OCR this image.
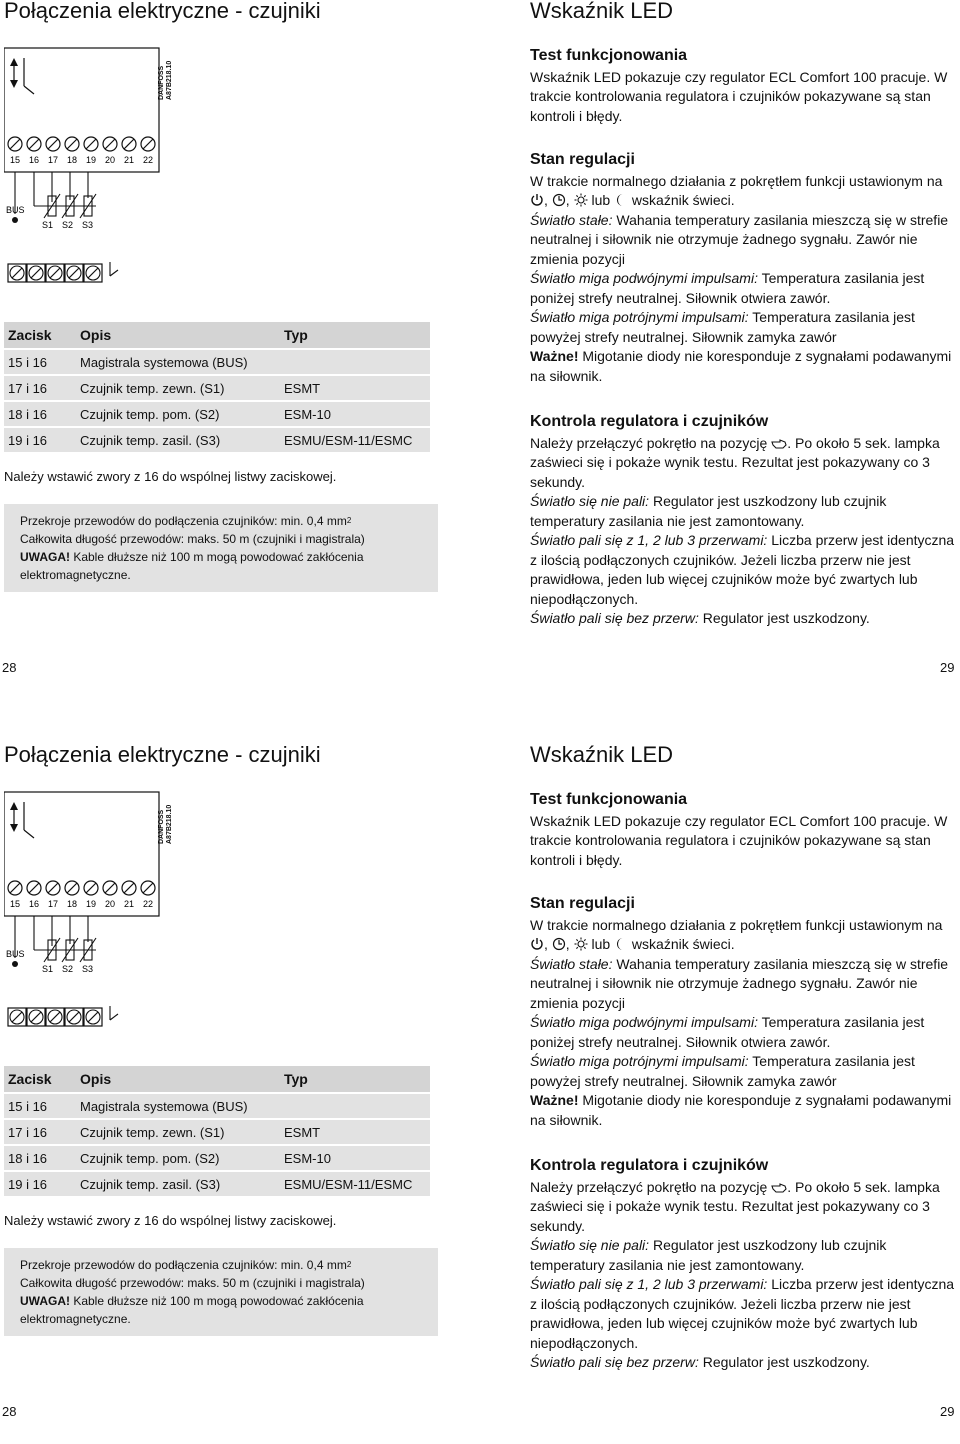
Połączenia elektryczne - czujniki	Wskaźnik LED
15 16 17 18 19 20 21 22
BUS
S1 S2 S3
DANFOSS A87B218.10
Zacisk	Opis	Typ
15 i 16	Magistrala systemowa (BUS)	
17 i 16	Czujnik temp. zewn. (S1)	ESMT
18 i 16	Czujnik temp. pom. (S2)	ESM-10
19 i 16	Czujnik temp. zasil. (S3)	ESMU/ESM-11/ESMC
Należy wstawić zwory z 16 do wspólnej listwy zaciskowej.
Przekroje przewodów do podłączenia czujników: min. 0,4 $mm^2$
Całkowita długość przewodów: maks. 50 m (czujniki i magistrala)
UWAGA! Kable dłuższe niż 100 m mogą powodować zakłócenia elektromagnetyczne.
Test funkcjonowania

Wskaźnik LED pokazuje czy regulator ECL Comfort 100 pracuje. W trakcie kontrolowania regulatora i czujników pokazywane są stan kontroli i błędy.

Stan regulacji

W trakcie normalnego działania z pokrętłem funkcji ustawionym na , , lub wskaźnik świeci.

Światło stałe: Wahania temperatury zasilania mieszczą się w strefie neutralnej i siłownik nie otrzymuje żadnego sygnału. Zawór nie zmienia pozycji

Światło miga podwójnymi impulsami: Temperatura zasilania jest poniżej strefy neutralnej. Siłownik otwiera zawór.

Światło miga potrójnymi impulsami: Temperatura zasilania jest powyżej strefy neutralnej. Siłownik zamyka zawór

Ważne! Migotanie diody nie koresponduje z sygnałami podawanymi na siłownik.

Kontrola regulatora i czujników

Należy przełączyć pokrętło na pozycję . Po około 5 sek. lampka zaświeci się i pokaże wynik testu. Rezultat jest pokazywany co 3 sekundy.

Światło się nie pali: Regulator jest uszkodzony lub czujnik temperatury zasilania nie jest zamontowany.

Światło pali się z 1, 2 lub 3 przerwami: Liczba przerw jest identyczna z ilością podłączonych czujników. Jeżeli liczba przerw nie jest prawidłowa, jeden lub więcej czujników może być zwartych lub niepodłączonych.

Światło pali się bez przerw: Regulator jest uszkodzony.

28	29
Połączenia elektryczne - czujniki	Wskaźnik LED
15 16 17 18 19 20 21 22
BUS
S1 S2 S3
DANFOSS A87B218.10
Zacisk	Opis	Typ
15 i 16	Magistrala systemowa (BUS)	
17 i 16	Czujnik temp. zewn. (S1)	ESMT
18 i 16	Czujnik temp. pom. (S2)	ESM-10
19 i 16	Czujnik temp. zasil. (S3)	ESMU/ESM-11/ESMC
Należy wstawić zwory z 16 do wspólnej listwy zaciskowej.
Przekroje przewodów do podłączenia czujników: min. 0,4 $mm^2$
Całkowita długość przewodów: maks. 50 m (czujniki i magistrala)
UWAGA! Kable dłuższe niż 100 m mogą powodować zakłócenia elektromagnetyczne.
Test funkcjonowania

Wskaźnik LED pokazuje czy regulator ECL Comfort 100 pracuje. W trakcie kontrolowania regulatora i czujników pokazywane są stan kontroli i błędy.

Stan regulacji

W trakcie normalnego działania z pokrętłem funkcji ustawionym na , , lub wskaźnik świeci.

Światło stałe: Wahania temperatury zasilania mieszczą się w strefie neutralnej i siłownik nie otrzymuje żadnego sygnału. Zawór nie zmienia pozycji

Światło miga podwójnymi impulsami: Temperatura zasilania jest poniżej strefy neutralnej. Siłownik otwiera zawór.

Światło miga potrójnymi impulsami: Temperatura zasilania jest powyżej strefy neutralnej. Siłownik zamyka zawór

Ważne! Migotanie diody nie koresponduje z sygnałami podawanymi na siłownik.

Kontrola regulatora i czujników

Należy przełączyć pokrętło na pozycję . Po około 5 sek. lampka zaświeci się i pokaże wynik testu. Rezultat jest pokazywany co 3 sekundy.

Światło się nie pali: Regulator jest uszkodzony lub czujnik temperatury zasilania nie jest zamontowany.

Światło pali się z 1, 2 lub 3 przerwami: Liczba przerw jest identyczna z ilością podłączonych czujników. Jeżeli liczba przerw nie jest prawidłowa, jeden lub więcej czujników może być zwartych lub niepodłączonych.

Światło pali się bez przerw: Regulator jest uszkodzony.

28	29
